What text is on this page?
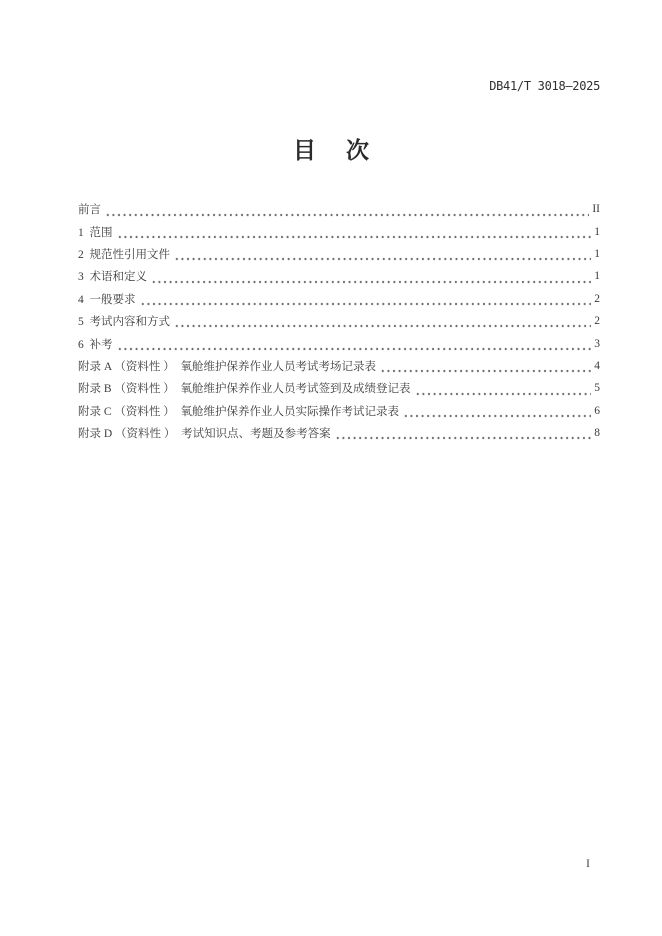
DB41/T 3018—2025
目 次
前言	II
1  范围	1
2  规范性引用文件	1
3  术语和定义	1
4  一般要求	2
5  考试内容和方式	2
6  补考	3
附录 A （资料性 ）  氧舱维护保养作业人员考试考场记录表	4
附录 B （资料性 ）  氧舱维护保养作业人员考试签到及成绩登记表	5
附录 C （资料性 ）  氧舱维护保养作业人员实际操作考试记录表	6
附录 D （资料性 ）  考试知识点、考题及参考答案	8
I
